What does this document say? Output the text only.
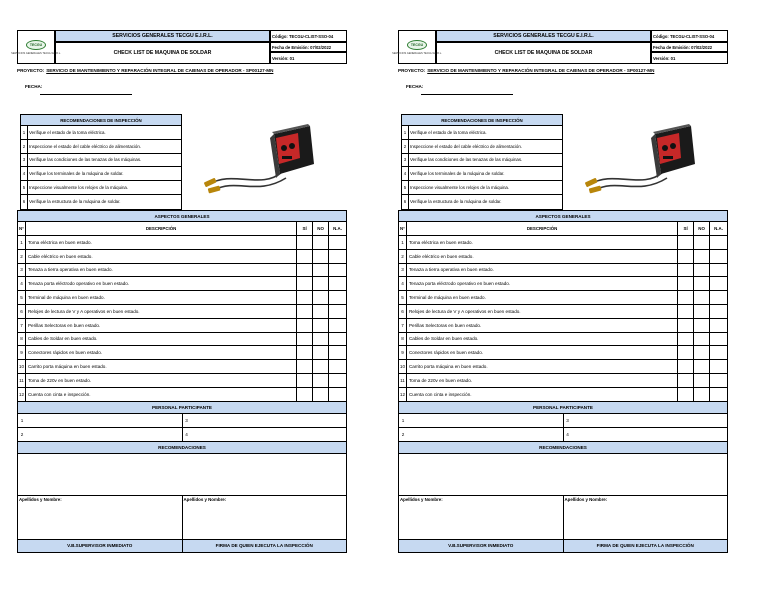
TECGU
SERVICIOS GENERALES TECGU E.I.R.L.
SERVICIOS GENERALES TECGU E.I.R.L.
CHECK LIST DE MAQUINA DE SOLDAR
Código: TECGU-CLIST-SSO-04
Fecha de Emisión: 07/02/2022
Versión: 01
PROYECTO: SERVICIO DE MANTENIMIENTO Y REPARACIÓN INTEGRAL DE CABINAS DE OPERADOR - SP00127-MN
FECHA:
RECOMENDACIONES DE INSPECCIÓN
1 Verifique el estado de la toma eléctrica.
2 Inspeccione el estado del cable eléctrico de alimentación.
3 Verifique las condiciones de las tenazas de las máquinas.
4 Verifique los terminales de la máquina de soldar.
5 Inspeccione visualmente los relojes de la máquina.
6 Verifique la estructura de la máquina de soldar.
ASPECTOS GENERALES
N°	DESCRIPCIÓN	SÍ	NO	N.A.
1	Toma eléctrica en buen estado.
2	Cable eléctrico en buen estado.
3	Tenaza a tierra operativa en buen estado.
4	Tenaza porta eléctrodo operativo en buen estado.
5	Terminal de máquina en buen estado.
6	Relojes de lectura de V y A operativos en buen estado.
7	Perillas Selectoras en buen estado.
8	Cables de Soldar en buen estado.
9	Conectores rápidos en buen estado.
10 Carrito porta máquina en buen estado.
11 Toma de 220v en buen estado.
12 Cuenta con cinta e inspección.
PERSONAL PARTICIPANTE
1	3
2	4
RECOMENDACIONES
Apellidos y Nombre:	Apellidos y Nombre:
V.B.SUPERVISOR INMEDIATO	FIRMA DE QUIEN EJECUTA LA INSPECCIÓN
TECGU
SERVICIOS GENERALES TECGU E.I.R.L.
SERVICIOS GENERALES TECGU E.I.R.L.
CHECK LIST DE MAQUINA DE SOLDAR
Código: TECGU-CLIST-SSO-04
Fecha de Emisión: 07/02/2022
Versión: 01
PROYECTO: SERVICIO DE MANTENIMIENTO Y REPARACIÓN INTEGRAL DE CABINAS DE OPERADOR - SP00127-MN
FECHA:
RECOMENDACIONES DE INSPECCIÓN
1 Verifique el estado de la toma eléctrica.
2 Inspeccione el estado del cable eléctrico de alimentación.
3 Verifique las condiciones de las tenazas de las máquinas.
4 Verifique los terminales de la máquina de soldar.
5 Inspeccione visualmente los relojes de la máquina.
6 Verifique la estructura de la máquina de soldar.
ASPECTOS GENERALES
N°	DESCRIPCIÓN	SÍ	NO	N.A.
1	Toma eléctrica en buen estado.
2	Cable eléctrico en buen estado.
3	Tenaza a tierra operativa en buen estado.
4	Tenaza porta eléctrodo operativo en buen estado.
5	Terminal de máquina en buen estado.
6	Relojes de lectura de V y A operativos en buen estado.
7	Perillas Selectoras en buen estado.
8	Cables de Soldar en buen estado.
9	Conectores rápidos en buen estado.
10 Carrito porta máquina en buen estado.
11 Toma de 220v en buen estado.
12 Cuenta con cinta e inspección.
PERSONAL PARTICIPANTE
1	3
2	4
RECOMENDACIONES
Apellidos y Nombre:	Apellidos y Nombre:
V.B.SUPERVISOR INMEDIATO	FIRMA DE QUIEN EJECUTA LA INSPECCIÓN
